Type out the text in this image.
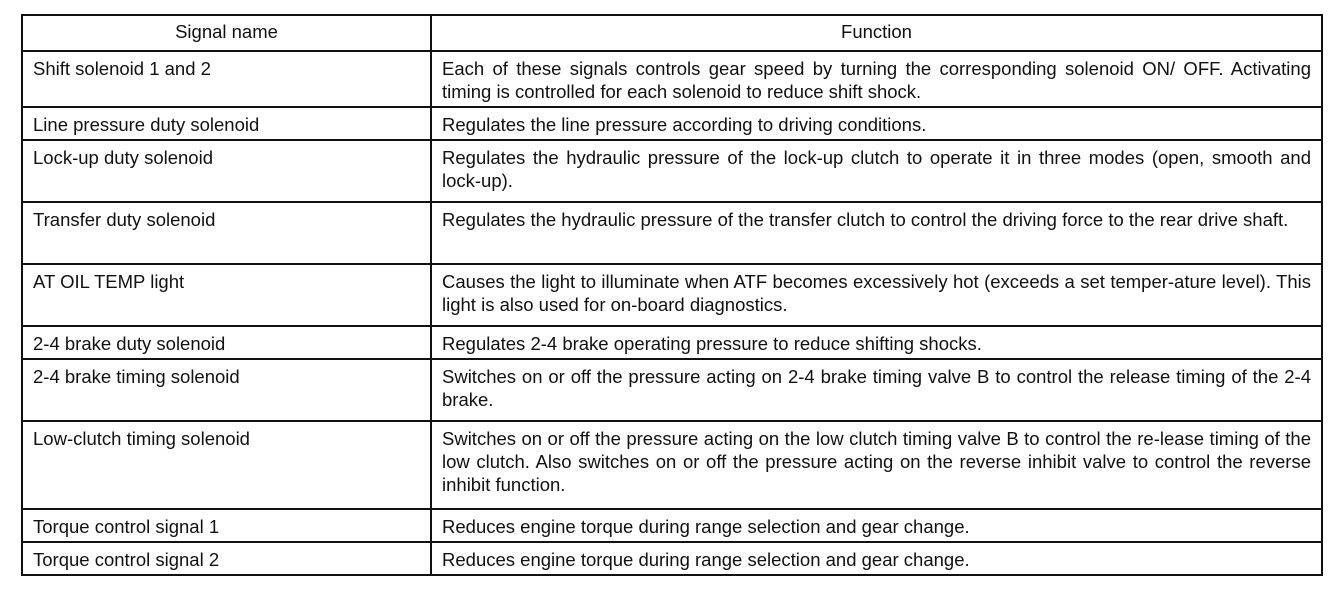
Signal name	Function
Shift solenoid 1 and 2	Each of these signals controls gear speed by turning the corresponding solenoid ON/ OFF. Activating timing is controlled for each solenoid to reduce shift shock.
Line pressure duty solenoid	Regulates the line pressure according to driving conditions.
Lock-up duty solenoid	Regulates the hydraulic pressure of the lock-up clutch to operate it in three modes (open, smooth and lock-up).
Transfer duty solenoid	Regulates the hydraulic pressure of the transfer clutch to control the driving force to the rear drive shaft.
AT OIL TEMP light	Causes the light to illuminate when ATF becomes excessively hot (exceeds a set temper-ature level). This light is also used for on-board diagnostics.
2-4 brake duty solenoid	Regulates 2-4 brake operating pressure to reduce shifting shocks.
2-4 brake timing solenoid	Switches on or off the pressure acting on 2-4 brake timing valve B to control the release timing of the 2-4 brake.
Low-clutch timing solenoid	Switches on or off the pressure acting on the low clutch timing valve B to control the re-lease timing of the low clutch. Also switches on or off the pressure acting on the reverse inhibit valve to control the reverse inhibit function.
Torque control signal 1	Reduces engine torque during range selection and gear change.
Torque control signal 2	Reduces engine torque during range selection and gear change.
